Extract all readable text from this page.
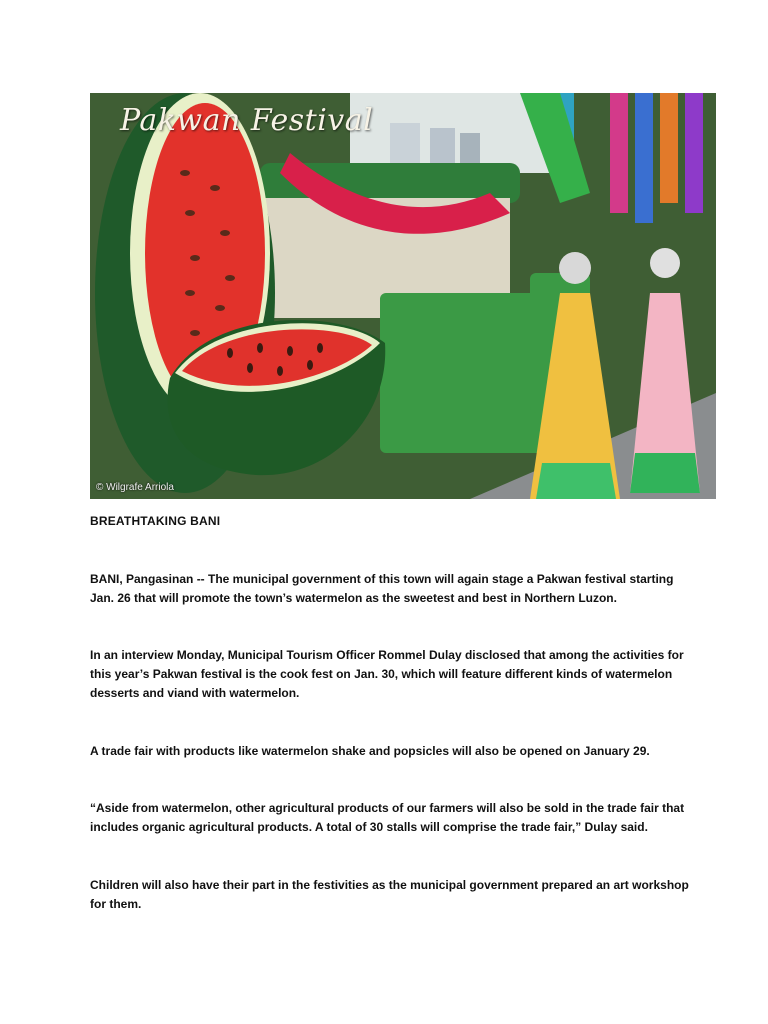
Pakwan Festival
© Wilgrafe Arriola
BREATHTAKING BANI

BANI, Pangasinan -- The municipal government of this town will again stage a Pakwan festival starting Jan. 26 that will promote the town’s watermelon as the sweetest and best in Northern Luzon.

In an interview Monday, Municipal Tourism Officer Rommel Dulay disclosed that among the activities for this year’s Pakwan festival is the cook fest on Jan. 30, which will feature different kinds of watermelon desserts and viand with watermelon.

A trade fair with products like watermelon shake and popsicles will also be opened on January 29.

“Aside from watermelon, other agricultural products of our farmers will also be sold in the trade fair that includes organic agricultural products. A total of 30 stalls will comprise the trade fair,” Dulay said.

Children will also have their part in the festivities as the municipal government prepared an art workshop for them.
